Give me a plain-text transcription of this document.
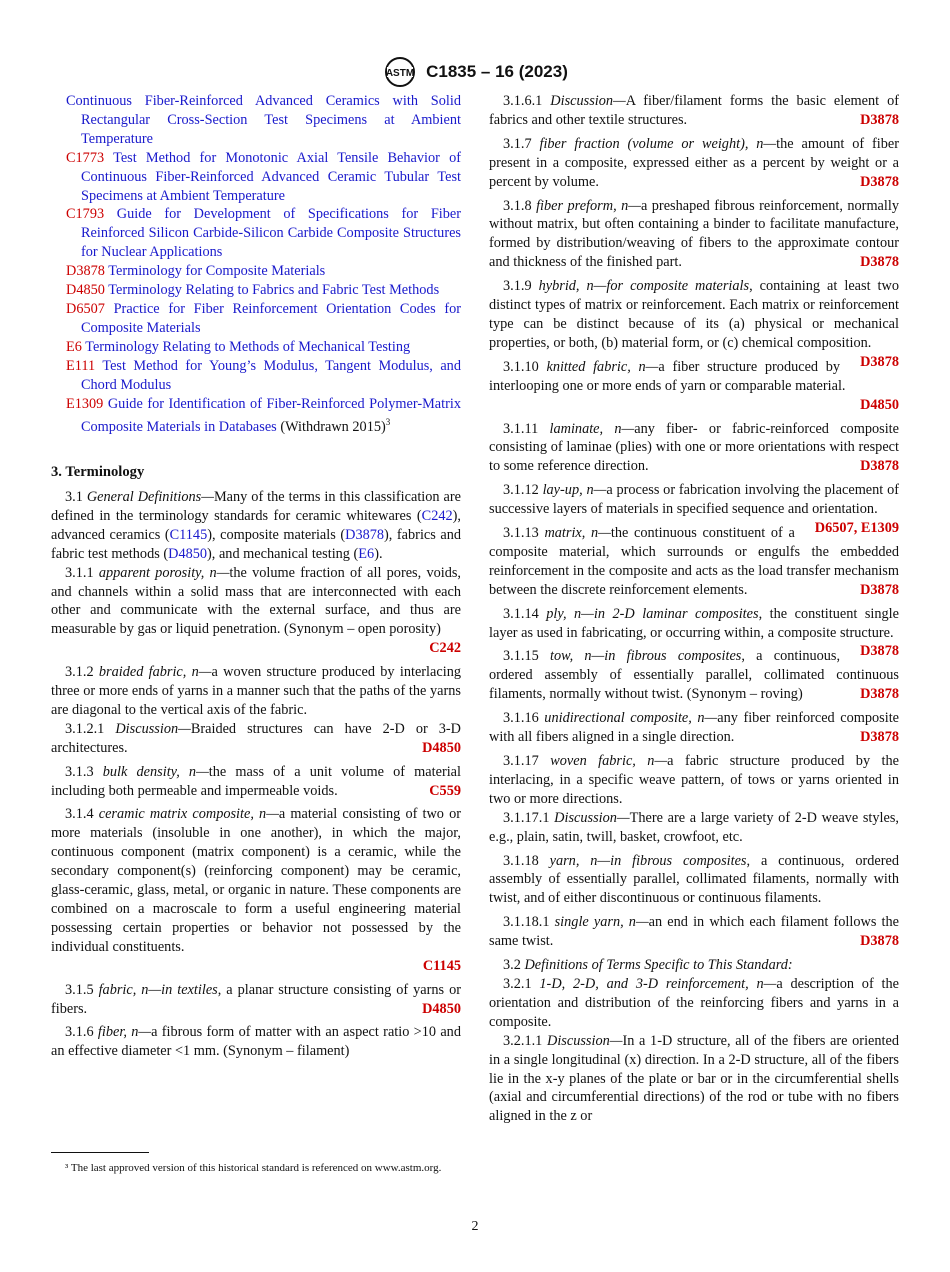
ASTM C1835 – 16 (2023)

Continuous Fiber-Reinforced Advanced Ceramics with Solid Rectangular Cross-Section Test Specimens at Ambient Temperature

C1773 Test Method for Monotonic Axial Tensile Behavior of Continuous Fiber-Reinforced Advanced Ceramic Tubular Test Specimens at Ambient Temperature

C1793 Guide for Development of Specifications for Fiber Reinforced Silicon Carbide-Silicon Carbide Composite Structures for Nuclear Applications

D3878 Terminology for Composite Materials

D4850 Terminology Relating to Fabrics and Fabric Test Methods

D6507 Practice for Fiber Reinforcement Orientation Codes for Composite Materials

E6 Terminology Relating to Methods of Mechanical Testing

E111 Test Method for Young’s Modulus, Tangent Modulus, and Chord Modulus

E1309 Guide for Identification of Fiber-Reinforced Polymer-Matrix Composite Materials in Databases (Withdrawn 2015)$^3$

3. Terminology

3.1 General Definitions—Many of the terms in this classification are defined in the terminology standards for ceramic whitewares (C242), advanced ceramics (C1145), composite materials (D3878), fabrics and fabric test methods (D4850), and mechanical testing (E6).

3.1.1 apparent porosity, n—the volume fraction of all pores, voids, and channels within a solid mass that are interconnected with each other and communicate with the external surface, and thus are measurable by gas or liquid penetration. (Synonym – open porosity)

C242

3.1.2 braided fabric, n—a woven structure produced by interlacing three or more ends of yarns in a manner such that the paths of the yarns are diagonal to the vertical axis of the fabric.

3.1.2.1 Discussion—Braided structures can have 2-D or 3-D architectures.	D4850

3.1.3 bulk density, n—the mass of a unit volume of material including both permeable and impermeable voids.	C559

3.1.4 ceramic matrix composite, n—a material consisting of two or more materials (insoluble in one another), in which the major, continuous component (matrix component) is a ceramic, while the secondary component(s) (reinforcing component) may be ceramic, glass-ceramic, glass, metal, or organic in nature. These components are combined on a macroscale to form a useful engineering material possessing certain properties or behavior not possessed by the individual constituents.

C1145

3.1.5 fabric, n—in textiles, a planar structure consisting of yarns or fibers.	D4850

3.1.6 fiber, n—a fibrous form of matter with an aspect ratio >10 and an effective diameter <1 mm. (Synonym – filament)

³ The last approved version of this historical standard is referenced on www.astm.org.

3.1.6.1 Discussion—A fiber/filament forms the basic element of fabrics and other textile structures.	D3878

3.1.7 fiber fraction (volume or weight), n—the amount of fiber present in a composite, expressed either as a percent by weight or a percent by volume.	D3878

3.1.8 fiber preform, n—a preshaped fibrous reinforcement, normally without matrix, but often containing a binder to facilitate manufacture, formed by distribution/weaving of fibers to the approximate contour and thickness of the finished part.	D3878

3.1.9 hybrid, n—for composite materials, containing at least two distinct types of matrix or reinforcement. Each matrix or reinforcement type can be distinct because of its (a) physical or mechanical properties, or both, (b) material form, or (c) chemical composition.
D3878

3.1.10 knitted fabric, n—a fiber structure produced by interlooping one or more ends of yarn or comparable material.

D4850

3.1.11 laminate, n—any fiber- or fabric-reinforced composite consisting of laminae (plies) with one or more orientations with respect to some reference direction.	D3878

3.1.12 lay-up, n—a process or fabrication involving the placement of successive layers of materials in specified sequence and orientation.
D6507, E1309

3.1.13 matrix, n—the continuous constituent of a composite material, which surrounds or engulfs the embedded reinforcement in the composite and acts as the load transfer mechanism between the discrete reinforcement elements.	D3878

3.1.14 ply, n—in 2-D laminar composites, the constituent single layer as used in fabricating, or occurring within, a composite structure.
D3878

3.1.15 tow, n—in fibrous composites, a continuous, ordered assembly of essentially parallel, collimated continuous filaments, normally without twist. (Synonym – roving)	D3878

3.1.16 unidirectional composite, n—any fiber reinforced composite with all fibers aligned in a single direction.	D3878

3.1.17 woven fabric, n—a fabric structure produced by the interlacing, in a specific weave pattern, of tows or yarns oriented in two or more directions.

3.1.17.1 Discussion—There are a large variety of 2-D weave styles, e.g., plain, satin, twill, basket, crowfoot, etc.

3.1.18 yarn, n—in fibrous composites, a continuous, ordered assembly of essentially parallel, collimated filaments, normally with twist, and of either discontinuous or continuous filaments.

3.1.18.1 single yarn, n—an end in which each filament follows the same twist.	D3878

3.2 Definitions of Terms Specific to This Standard:

3.2.1 1-D, 2-D, and 3-D reinforcement, n—a description of the orientation and distribution of the reinforcing fibers and yarns in a composite.

3.2.1.1 Discussion—In a 1-D structure, all of the fibers are oriented in a single longitudinal (x) direction. In a 2-D structure, all of the fibers lie in the x-y planes of the plate or bar or in the circumferential shells (axial and circumferential directions) of the rod or tube with no fibers aligned in the z or

2
